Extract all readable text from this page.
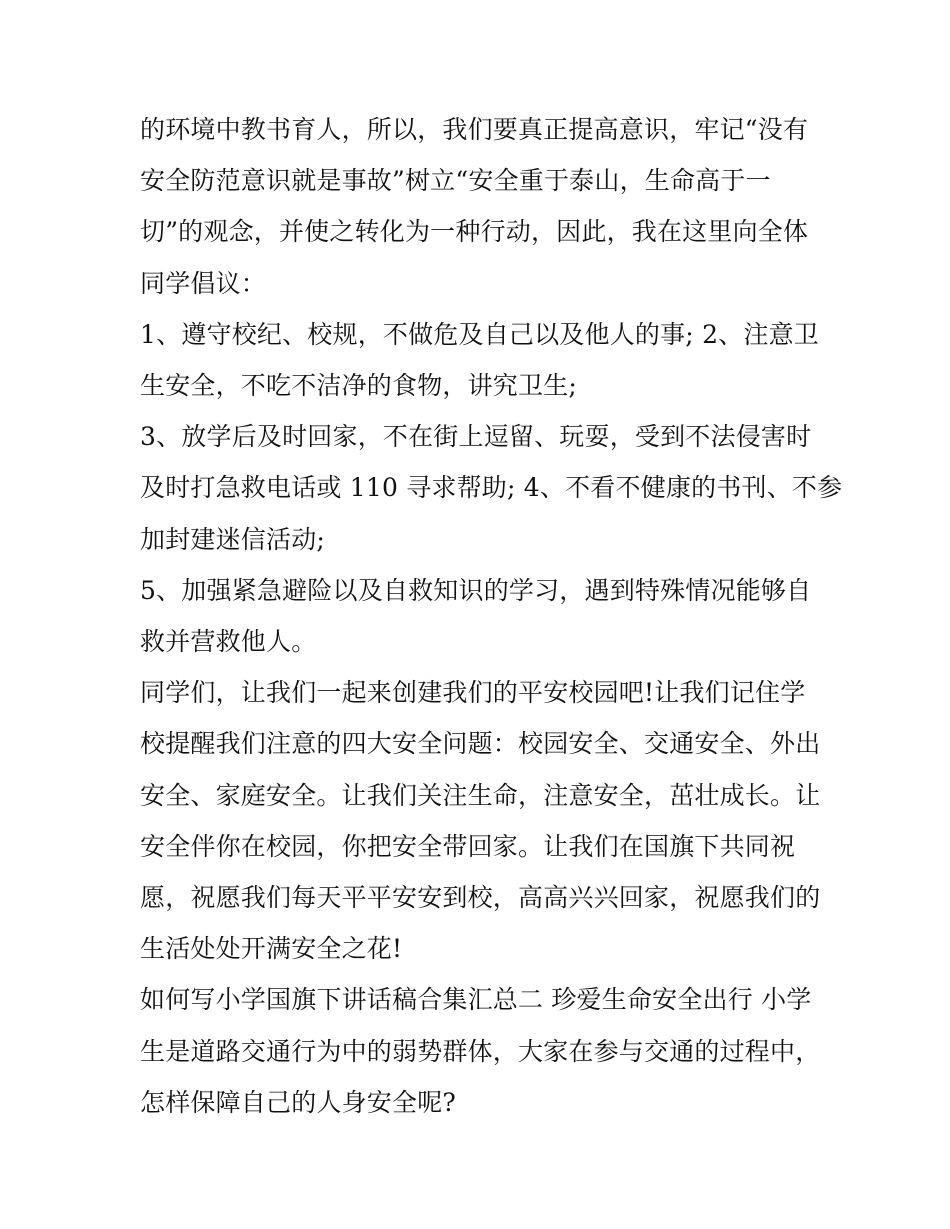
的环境中教书育人，所以，我们要真正提高意识，牢记“没有
安全防范意识就是事故”树立“安全重于泰山，生命高于一
切”的观念，并使之转化为一种行动，因此，我在这里向全体
同学倡议：
1、遵守校纪、校规，不做危及自己以及他人的事; 2、注意卫
生安全，不吃不洁净的食物，讲究卫生;
3、放学后及时回家，不在街上逗留、玩耍，受到不法侵害时
及时打急救电话或 110 寻求帮助; 4、不看不健康的书刊、不参
加封建迷信活动;
5、加强紧急避险以及自救知识的学习，遇到特殊情况能够自
救并营救他人。
同学们，让我们一起来创建我们的平安校园吧!让我们记住学
校提醒我们注意的四大安全问题：校园安全、交通安全、外出
安全、家庭安全。让我们关注生命，注意安全，茁壮成长。让
安全伴你在校园，你把安全带回家。让我们在国旗下共同祝
愿，祝愿我们每天平平安安到校，高高兴兴回家，祝愿我们的
生活处处开满安全之花!
如何写小学国旗下讲话稿合集汇总二 珍爱生命安全出行 小学
生是道路交通行为中的弱势群体，大家在参与交通的过程中，
怎样保障自己的人身安全呢?
